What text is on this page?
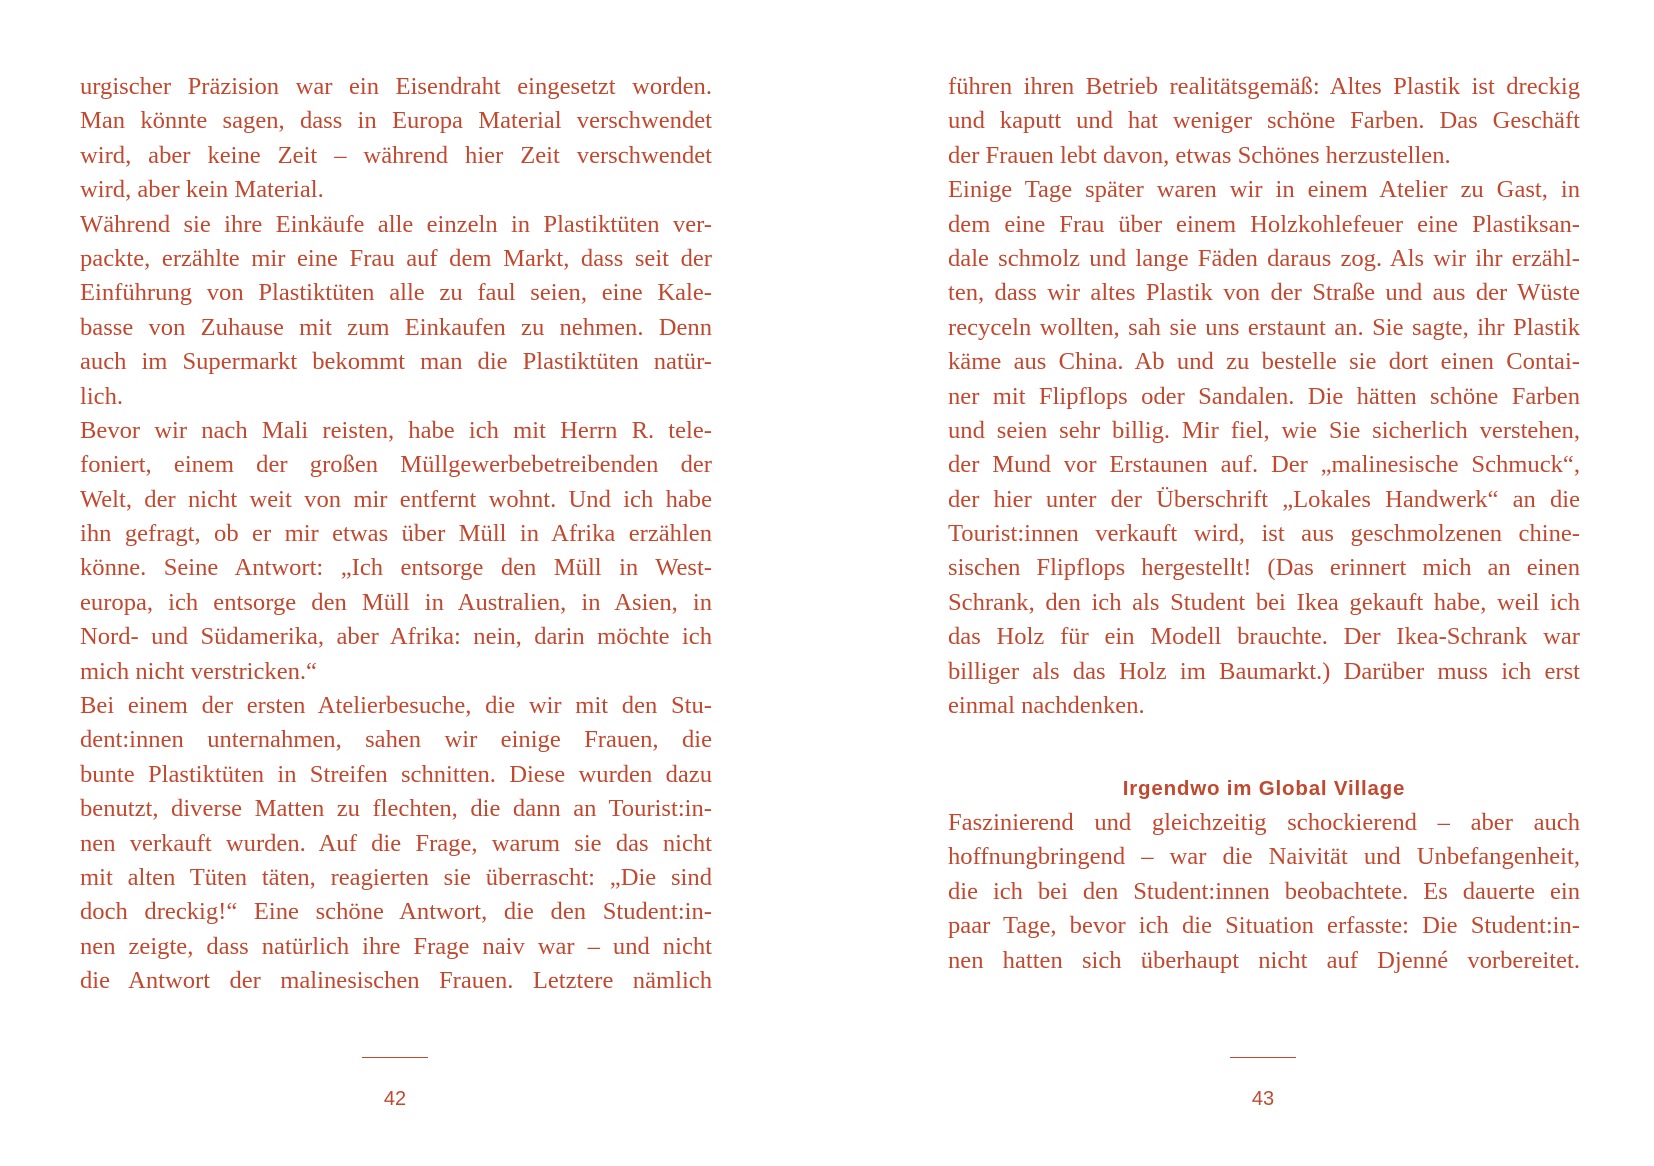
urgischer Präzision war ein Eisendraht eingesetzt worden.
Man könnte sagen, dass in Europa Material verschwendet
wird, aber keine Zeit – während hier Zeit verschwendet
wird, aber kein Material.
Während sie ihre Einkäufe alle einzeln in Plastiktüten ver-
packte, erzählte mir eine Frau auf dem Markt, dass seit der
Einführung von Plastiktüten alle zu faul seien, eine Kale-
basse von Zuhause mit zum Einkaufen zu nehmen. Denn
auch im Supermarkt bekommt man die Plastiktüten natür-
lich.
Bevor wir nach Mali reisten, habe ich mit Herrn R. tele-
foniert, einem der großen Müllgewerbebetreibenden der
Welt, der nicht weit von mir entfernt wohnt. Und ich habe
ihn gefragt, ob er mir etwas über Müll in Afrika erzählen
könne. Seine Antwort: „Ich entsorge den Müll in West-
europa, ich entsorge den Müll in Australien, in Asien, in
Nord- und Südamerika, aber Afrika: nein, darin möchte ich
mich nicht verstricken.“
Bei einem der ersten Atelierbesuche, die wir mit den Stu-
dent:innen unternahmen, sahen wir einige Frauen, die
bunte Plastiktüten in Streifen schnitten. Diese wurden dazu
benutzt, diverse Matten zu flechten, die dann an Tourist:in-
nen verkauft wurden. Auf die Frage, warum sie das nicht
mit alten Tüten täten, reagierten sie überrascht: „Die sind
doch dreckig!“ Eine schöne Antwort, die den Student:in-
nen zeigte, dass natürlich ihre Frage naiv war – und nicht
die Antwort der malinesischen Frauen. Letztere nämlich
42
führen ihren Betrieb realitätsgemäß: Altes Plastik ist dreckig
und kaputt und hat weniger schöne Farben. Das Geschäft
der Frauen lebt davon, etwas Schönes herzustellen.
Einige Tage später waren wir in einem Atelier zu Gast, in
dem eine Frau über einem Holzkohlefeuer eine Plastiksan-
dale schmolz und lange Fäden daraus zog. Als wir ihr erzähl-
ten, dass wir altes Plastik von der Straße und aus der Wüste
recyceln wollten, sah sie uns erstaunt an. Sie sagte, ihr Plastik
käme aus China. Ab und zu bestelle sie dort einen Contai-
ner mit Flipflops oder Sandalen. Die hätten schöne Farben
und seien sehr billig. Mir fiel, wie Sie sicherlich verstehen,
der Mund vor Erstaunen auf. Der „malinesische Schmuck“,
der hier unter der Überschrift „Lokales Handwerk“ an die
Tourist:innen verkauft wird, ist aus geschmolzenen chine-
sischen Flipflops hergestellt! (Das erinnert mich an einen
Schrank, den ich als Student bei Ikea gekauft habe, weil ich
das Holz für ein Modell brauchte. Der Ikea-Schrank war
billiger als das Holz im Baumarkt.) Darüber muss ich erst
einmal nachdenken.
Irgendwo im Global Village
Faszinierend und gleichzeitig schockierend – aber auch
hoffnungbringend – war die Naivität und Unbefangenheit,
die ich bei den Student:innen beobachtete. Es dauerte ein
paar Tage, bevor ich die Situation erfasste: Die Student:in-
nen hatten sich überhaupt nicht auf Djenné vorbereitet.
43
